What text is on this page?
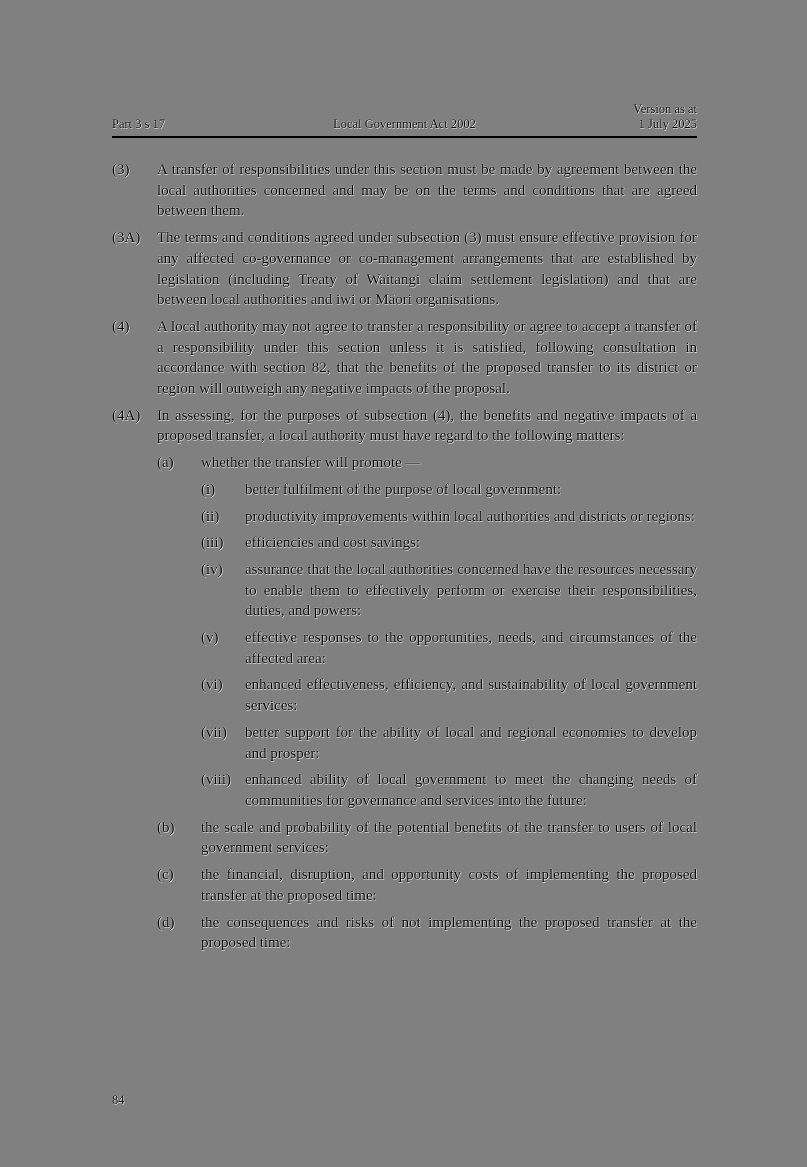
Part 3 s 17	Local Government Act 2002
Version as at
1 July 2025
(3) A transfer of responsibilities under this section must be made by agreement between the local authorities concerned and may be on the terms and conditions that are agreed between them.
(3A) The terms and conditions agreed under subsection (3) must ensure effective provision for any affected co-governance or co-management arrangements that are established by legislation (including Treaty of Waitangi claim settlement legislation) and that are between local authorities and iwi or Māori organisations.
(4) A local authority may not agree to transfer a responsibility or agree to accept a transfer of a responsibility under this section unless it is satisfied, following consultation in accordance with section 82, that the benefits of the proposed transfer to its district or region will outweigh any negative impacts of the proposal.
(4A) In assessing, for the purposes of subsection (4), the benefits and negative impacts of a proposed transfer, a local authority must have regard to the following matters:
(a) whether the transfer will promote —
(i) better fulfilment of the purpose of local government:
(ii) productivity improvements within local authorities and districts or regions:
(iii) efficiencies and cost savings:
(iv) assurance that the local authorities concerned have the resources necessary to enable them to effectively perform or exercise their responsibilities, duties, and powers:
(v) effective responses to the opportunities, needs, and circumstances of the affected area:
(vi) enhanced effectiveness, efficiency, and sustainability of local government services:
(vii) better support for the ability of local and regional economies to develop and prosper:
(viii) enhanced ability of local government to meet the changing needs of communities for governance and services into the future:
(b) the scale and probability of the potential benefits of the transfer to users of local government services:
(c) the financial, disruption, and opportunity costs of implementing the proposed transfer at the proposed time:
(d) the consequences and risks of not implementing the proposed transfer at the proposed time:
84
